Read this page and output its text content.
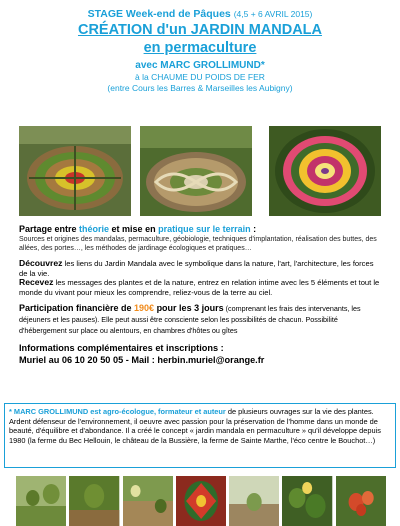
STAGE Week-end de Pâques (4,5 + 6 AVRIL 2015)
CRÉATION d'un JARDIN MANDALA
en permaculture
avec MARC GROLLIMUND*
à la CHAUME DU POIDS DE FER
(entre Cours les Barres & Marseilles les Aubigny)
Partage entre théorie et mise en pratique sur le terrain :
Sources et origines des mandalas, permaculture, géobiologie, techniques d'implantation, réalisation des buttes, des allées, des portes…, les méthodes de jardinage écologiques et pratiques…
Découvrez les liens du Jardin Mandala avec le symbolique dans la nature, l'art, l'architecture, les forces de la vie.
Recevez les messages des plantes et de la nature, entrez en relation intime avec les 5 éléments et tout le monde du vivant pour mieux les comprendre, reliez-vous de la terre au ciel.
Participation financière de 190€ pour les 3 jours (comprenant les frais des intervenants, les déjeuners et les pauses). Elle peut aussi être consciente selon les possibilités de chacun. Possibilité d'hébergement sur place ou alentours, en chambres d'hôtes ou gîtes
Informations complémentaires et inscriptions :
Muriel au 06 10 20 50 05 - Mail : herbin.muriel@orange.fr
* MARC GROLLIMUND est agro-écologue, formateur et auteur de plusieurs ouvrages sur la vie des plantes. Ardent défenseur de l'environnement, il oeuvre avec passion pour la préservation de l'homme dans un monde de beauté, d'équilibre et d'abondance. Il a créé le concept « jardin mandala en permaculture » qu'il développe depuis 1980 (la ferme du Bec Hellouin, le château de la Bussière, la ferme de Sainte Marthe, l'éco centre le Bouchot…)
